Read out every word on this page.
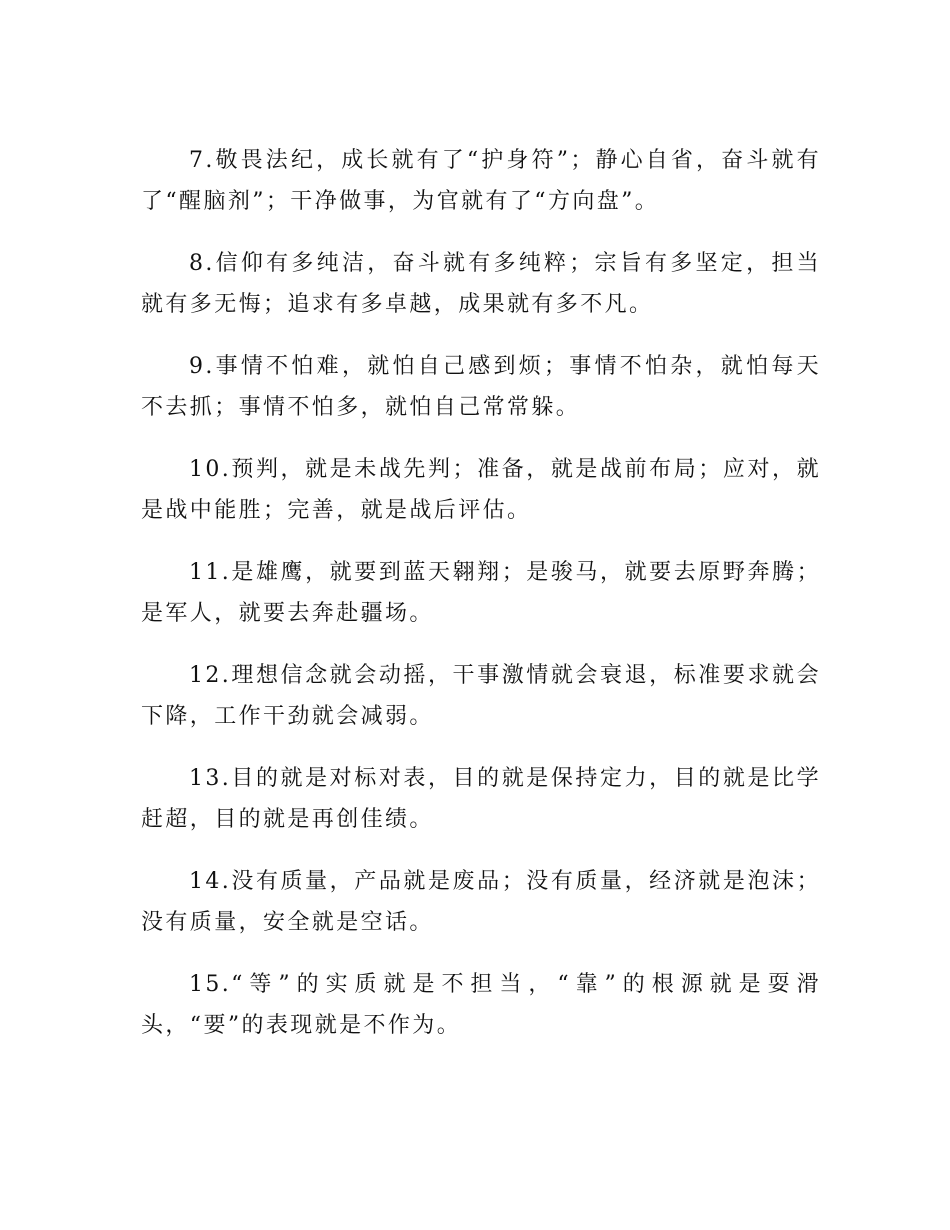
7.敬畏法纪，成长就有了“护身符”；静心自省，奋斗就有了“醒脑剂”；干净做事，为官就有了“方向盘”。

8.信仰有多纯洁，奋斗就有多纯粹；宗旨有多坚定，担当就有多无悔；追求有多卓越，成果就有多不凡。

9.事情不怕难，就怕自己感到烦；事情不怕杂，就怕每天不去抓；事情不怕多，就怕自己常常躲。

10.预判，就是未战先判；准备，就是战前布局；应对，就是战中能胜；完善，就是战后评估。

11.是雄鹰，就要到蓝天翱翔；是骏马，就要去原野奔腾；是军人，就要去奔赴疆场。

12.理想信念就会动摇，干事激情就会衰退，标准要求就会下降，工作干劲就会减弱。

13.目的就是对标对表，目的就是保持定力，目的就是比学赶超，目的就是再创佳绩。

14.没有质量，产品就是废品；没有质量，经济就是泡沫；没有质量，安全就是空话。

15.“等”的实质就是不担当，“靠”的根源就是耍滑头，“要”的表现就是不作为。
